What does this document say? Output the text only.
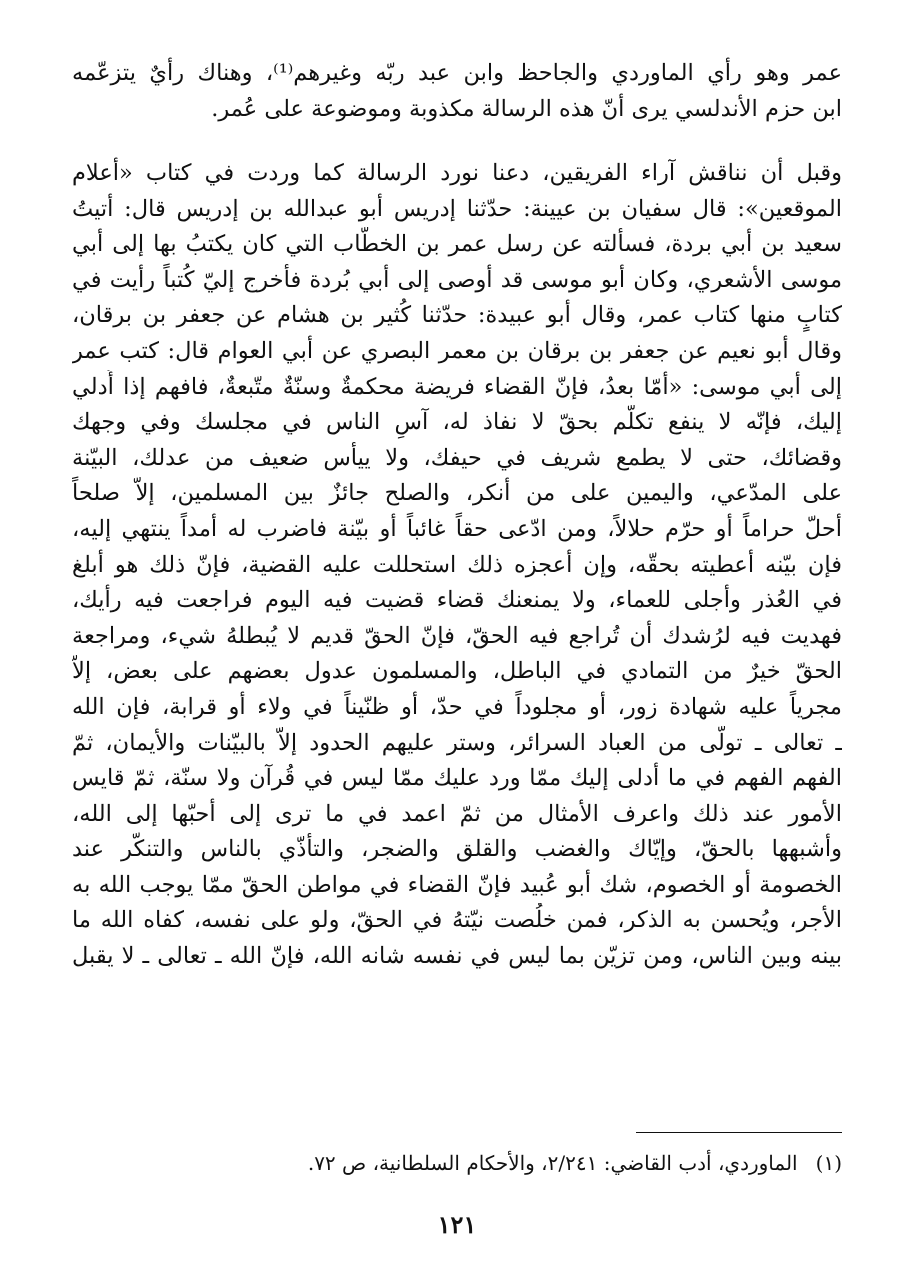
عمر وهو رأي الماوردي والجاحظ وابن عبد ربّه وغيرهم⁽¹⁾، وهناك رأيٌ يتزعّمه
ابن حزم الأندلسي يرى أنّ هذه الرسالة مكذوبة وموضوعة على عُمر.
وقبل أن نناقش آراء الفريقين، دعنا نورد الرسالة كما وردت في كتاب «أعلام
الموقعين»: قال سفيان بن عيينة: حدّثنا إدريس أبو عبدالله بن إدريس قال: أتيتُ
سعيد بن أبي بردة، فسألته عن رسل عمر بن الخطّاب التي كان يكتبُ بها إلى أبي
موسى الأشعري، وكان أبو موسى قد أوصى إلى أبي بُردة فأخرج إليّ كُتباً رأيت في
كتابٍ منها كتاب عمر، وقال أبو عبيدة: حدّثنا كُثير بن هشام عن جعفر بن برقان،
وقال أبو نعيم عن جعفر بن برقان بن معمر البصري عن أبي العوام قال: كتب عمر
إلى أبي موسى: «أمّا بعدُ، فإنّ القضاء فريضة محكمةٌ وسنّةٌ متّبعةٌ، فافهم إذا أُدلي
إليك، فإنّه لا ينفع تكلّم بحقّ لا نفاذ له، آسِ الناس في مجلسك وفي وجهك
وقضائك، حتى لا يطمع شريف في حيفك، ولا ييأس ضعيف من عدلك، البيّنة
على المدّعي، واليمين على من أنكر، والصلح جائزٌ بين المسلمين، إلاّ صلحاً
أحلّ حراماً أو حرّم حلالاً، ومن ادّعى حقاً غائباً أو بيّنة فاضرب له أمداً ينتهي إليه،
فإن بيّنه أعطيته بحقّه، وإن أعجزه ذلك استحللت عليه القضية، فإنّ ذلك هو أبلغ
في العُذر وأجلى للعماء، ولا يمنعنك قضاء قضيت فيه اليوم فراجعت فيه رأيك،
فهديت فيه لرُشدك أن تُراجع فيه الحقّ، فإنّ الحقّ قديم لا يُبطلهُ شيء، ومراجعة
الحقّ خيرٌ من التمادي في الباطل، والمسلمون عدول بعضهم على بعض، إلاّ
مجرياً عليه شهادة زور، أو مجلوداً في حدّ، أو ظنّيناً في ولاء أو قرابة، فإن الله
ـ تعالى ـ تولّى من العباد السرائر، وستر عليهم الحدود إلاّ بالبيّنات والأيمان، ثمّ
الفهم الفهم في ما أدلى إليك ممّا ورد عليك ممّا ليس في قُرآن ولا سنّة، ثمّ قايس
الأمور عند ذلك واعرف الأمثال من ثمّ اعمد في ما ترى إلى أحبّها إلى الله،
وأشبهها بالحقّ، وإيّاك والغضب والقلق والضجر، والتأذّي بالناس والتنكّر عند
الخصومة أو الخصوم، شك أبو عُبيد فإنّ القضاء في مواطن الحقّ ممّا يوجب الله به
الأجر، ويُحسن به الذكر، فمن خلُصت نيّتهُ في الحقّ، ولو على نفسه، كفاه الله ما
بينه وبين الناس، ومن تزيّن بما ليس في نفسه شانه الله، فإنّ الله ـ تعالى ـ لا يقبل
(١)الماوردي، أدب القاضي: ٢/٢٤١، والأحكام السلطانية، ص ٧٢.
١٢١
